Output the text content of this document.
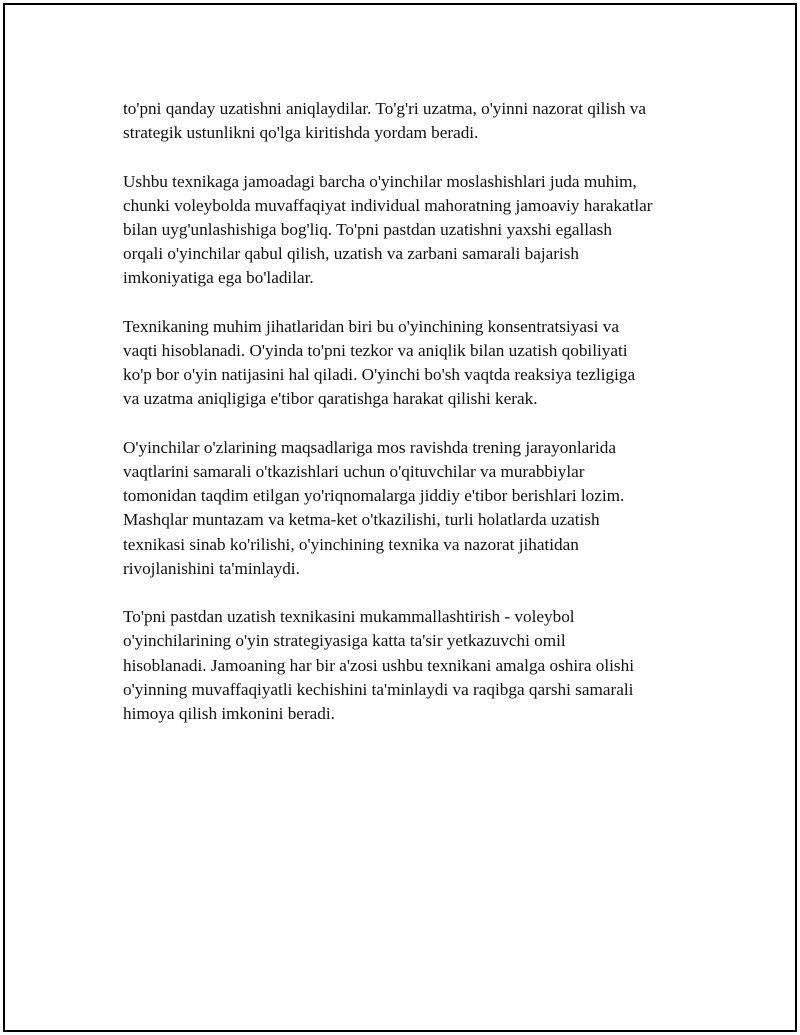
to'pni qanday uzatishni aniqlaydilar. To'g'ri uzatma, o'yinni nazorat qilish va
strategik ustunlikni qo'lga kiritishda yordam beradi.

Ushbu texnikaga jamoadagi barcha o'yinchilar moslashishlari juda muhim,
chunki voleybolda muvaffaqiyat individual mahoratning jamoaviy harakatlar
bilan uyg'unlashishiga bog'liq. To'pni pastdan uzatishni yaxshi egallash
orqali o'yinchilar qabul qilish, uzatish va zarbani samarali bajarish
imkoniyatiga ega bo'ladilar.

Texnikaning muhim jihatlaridan biri bu o'yinchining konsentratsiyasi va
vaqti hisoblanadi. O'yinda to'pni tezkor va aniqlik bilan uzatish qobiliyati
ko'p bor o'yin natijasini hal qiladi. O'yinchi bo'sh vaqtda reaksiya tezligiga
va uzatma aniqligiga e'tibor qaratishga harakat qilishi kerak.

O'yinchilar o'zlarining maqsadlariga mos ravishda trening jarayonlarida
vaqtlarini samarali o'tkazishlari uchun o'qituvchilar va murabbiylar
tomonidan taqdim etilgan yo'riqnomalarga jiddiy e'tibor berishlari lozim.
Mashqlar muntazam va ketma-ket o'tkazilishi, turli holatlarda uzatish
texnikasi sinab ko'rilishi, o'yinchining texnika va nazorat jihatidan
rivojlanishini ta'minlaydi.

To'pni pastdan uzatish texnikasini mukammallashtirish - voleybol
o'yinchilarining o'yin strategiyasiga katta ta'sir yetkazuvchi omil
hisoblanadi. Jamoaning har bir a'zosi ushbu texnikani amalga oshira olishi
o'yinning muvaffaqiyatli kechishini ta'minlaydi va raqibga qarshi samarali
himoya qilish imkonini beradi.
